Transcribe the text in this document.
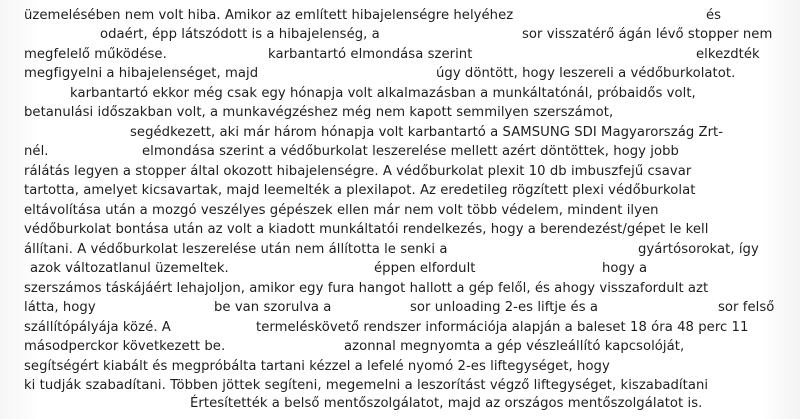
üzemelésében nem volt hiba. Amikor az említett hibajelenségre helyéhez	és
odaért, épp látszódott is a hibajelenség, a	sor visszatérő ágán lévő stopper nem
megfelelő működése.	karbantartó elmondása szerint	elkezdték
megfigyelni a hibajelenséget, majd	úgy döntött, hogy leszereli a védőburkolatot.
karbantartó ekkor még csak egy hónapja volt alkalmazásban a munkáltatónál, próbaidős volt,
betanulási időszakban volt, a munkavégzéshez még nem kapott semmilyen szerszámot,
segédkezett, aki már három hónapja volt karbantartó a SAMSUNG SDI Magyarország Zrt-
nél.	elmondása szerint a védőburkolat leszerelése mellett azért döntöttek, hogy jobb
rálátás legyen a stopper által okozott hibajelenségre. A védőburkolat plexit 10 db imbuszfejű csavar
tartotta, amelyet kicsavartak, majd leemelték a plexilapot. Az eredetileg rögzített plexi védőburkolat
eltávolítása után a mozgó veszélyes gépészek ellen már nem volt több védelem, mindent ilyen
védőburkolat bontása után az volt a kiadott munkáltatói rendelkezés, hogy a berendezést/gépet le kell
állítani. A védőburkolat leszerelése után nem állította le senki a	gyártósorokat, így
azok változatlanul üzemeltek.	éppen elfordult	hogy a
szerszámos táskájáért lehajoljon, amikor egy fura hangot hallott a gép felől, és ahogy visszafordult azt
látta, hogy	be van szorulva a	sor unloading 2-es liftje és a	sor felső
szállítópályája közé. A	termeléskövető rendszer információja alapján a baleset 18 óra 48 perc 11
másodperckor következett be.	azonnal megnyomta a gép vészleállító kapcsolóját,
segítségért kiabált és megpróbálta tartani kézzel a lefelé nyomó 2-es liftegységet, hogy
ki tudják szabadítani. Többen jöttek segíteni, megemelni a leszorítást végző liftegységet, kiszabadítani
Értesítették a belső mentőszolgálatot, majd az országos mentőszolgálatot is.
